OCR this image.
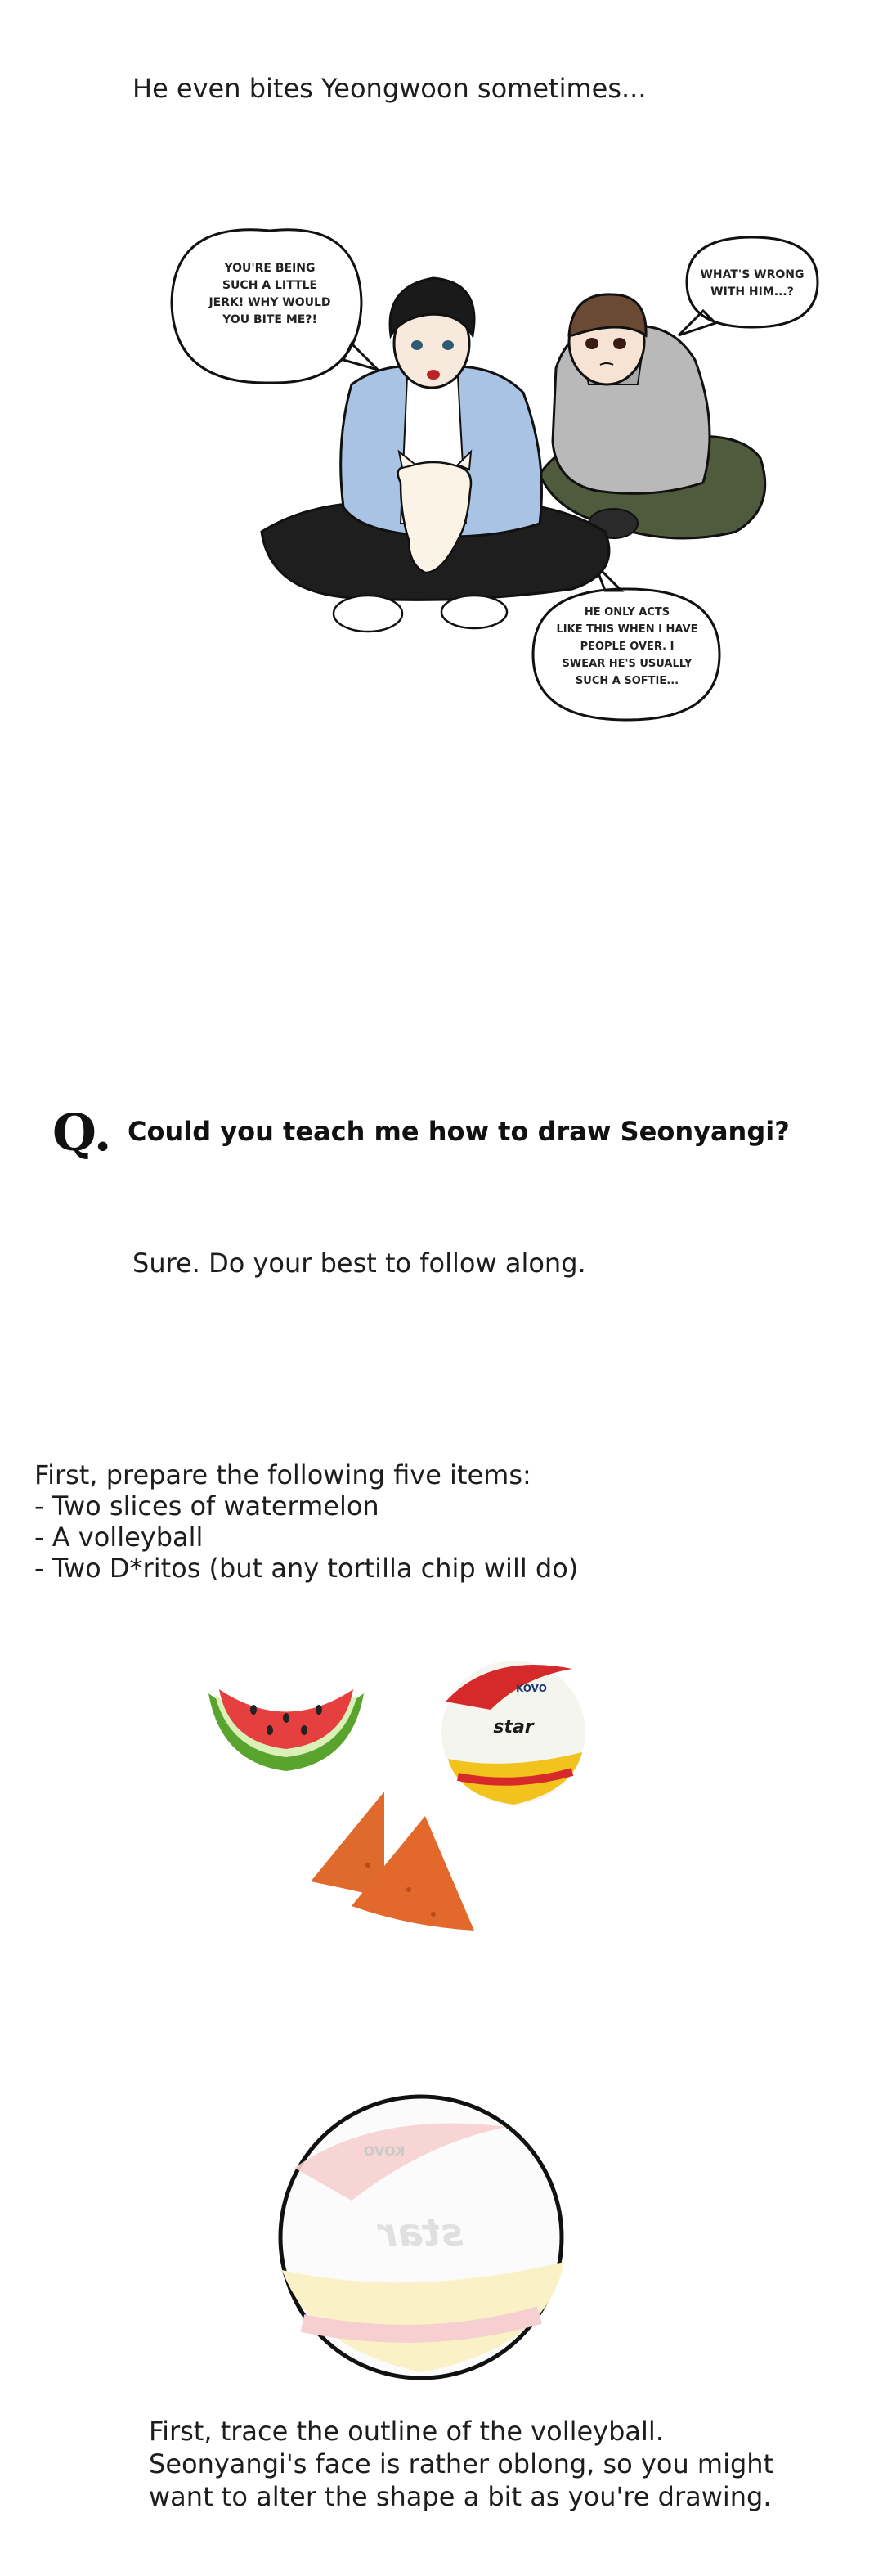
He even bites Yeongwoon sometimes...
YOU'RE BEING SUCH A LITTLE JERK! WHY WOULD YOU BITE ME?!
WHAT'S WRONG WITH HIM...?
HE ONLY ACTS LIKE THIS WHEN I HAVE PEOPLE OVER. I SWEAR HE'S USUALLY SUCH A SOFTIE...
Q. Could you teach me how to draw Seonyangi?
Sure. Do your best to follow along.
First, prepare the following five items:
- Two slices of watermelon
- A volleyball
- Two D*ritos (but any tortilla chip will do)
star
KOVO
star
KOVO
First, trace the outline of the volleyball.
Seonyangi's face is rather oblong, so you might
want to alter the shape a bit as you're drawing.
